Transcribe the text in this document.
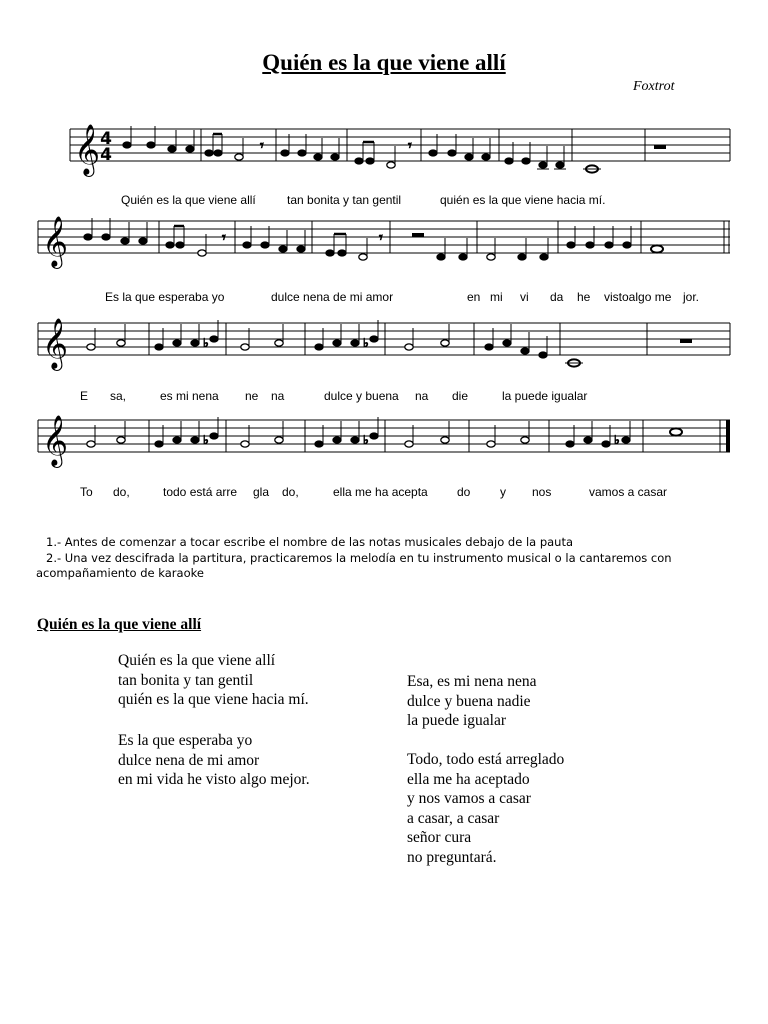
Quién es la que viene allí
Foxtrot
𝄞 4
4	𝄾	𝄾
Quién es la que viene allí	tan bonita y tan gentil	quién es la que viene hacia mí.
𝄞	𝄾	𝄾
Es la que esperaba yo	dulce nena de mi amor	en mi vi da he vistoalgo me jor.
𝄞	♭	♭
E sa,	es mi nena ne na	dulce y buena na die	la puede igualar
𝄞	♭	♭	♭
To do,	todo está arre gla do,	ella me ha acepta do y nos	vamos a casar
1.- Antes de comenzar a tocar escribe el nombre de las notas musicales debajo de la pauta
2.- Una vez descifrada la partitura, practicaremos la melodía en tu instrumento musical o la cantaremos con
acompañamiento de karaoke
Quién es la que viene allí
Quién es la que viene allí
tan bonita y tan gentil
quién es la que viene hacia mí.
Es la que esperaba yo
dulce nena de mi amor
en mi vida he visto algo mejor.
Esa, es mi nena nena
dulce y buena nadie
la puede igualar
Todo, todo está arreglado
ella me ha aceptado
y nos vamos a casar
a casar, a casar
señor cura
no preguntará.
